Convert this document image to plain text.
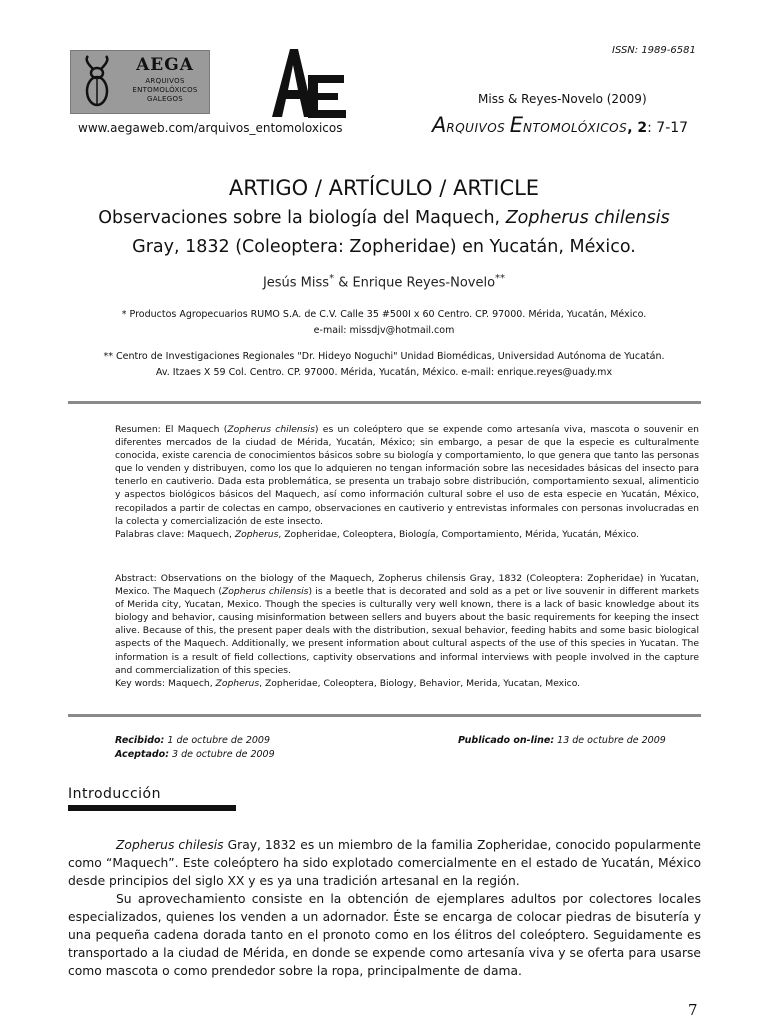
AEGA
ARQUIVOS
ENTOMOLÓXICOS
GALEGOS
www.aegaweb.com/arquivos_entomoloxicos
ISSN: 1989-6581
Miss & Reyes-Novelo (2009)
ARQUIVOS ENTOMOLÓXICOS, 2: 7-17
ARTIGO / ARTÍCULO / ARTICLE
Observaciones sobre la biología del Maquech, Zopherus chilensis
Gray, 1832 (Coleoptera: Zopheridae) en Yucatán, México.
Jesús Miss* & Enrique Reyes-Novelo**
* Productos Agropecuarios RUMO S.A. de C.V. Calle 35 #500I x 60 Centro. CP. 97000. Mérida, Yucatán, México.
e-mail: missdjv@hotmail.com
** Centro de Investigaciones Regionales "Dr. Hideyo Noguchi" Unidad Biomédicas, Universidad Autónoma de Yucatán.
Av. Itzaes X 59 Col. Centro. CP. 97000. Mérida, Yucatán, México. e-mail: enrique.reyes@uady.mx
Resumen: El Maquech (Zopherus chilensis) es un coleóptero que se expende como artesanía viva, mascota o souvenir en diferentes mercados de la ciudad de Mérida, Yucatán, México; sin embargo, a pesar de que la especie es culturalmente conocida, existe carencia de conocimientos básicos sobre su biología y comportamiento, lo que genera que tanto las personas que lo venden y distribuyen, como los que lo adquieren no tengan información sobre las necesidades básicas del insecto para tenerlo en cautiverio. Dada esta problemática, se presenta un trabajo sobre distribución, comportamiento sexual, alimenticio y aspectos biológicos básicos del Maquech, así como información cultural sobre el uso de esta especie en Yucatán, México, recopilados a partir de colectas en campo, observaciones en cautiverio y entrevistas informales con personas involucradas en la colecta y comercialización de este insecto.
Palabras clave: Maquech, Zopherus, Zopheridae, Coleoptera, Biología, Comportamiento, Mérida, Yucatán, México.
Abstract: Observations on the biology of the Maquech, Zopherus chilensis Gray, 1832 (Coleoptera: Zopheridae) in Yucatan, Mexico. The Maquech (Zopherus chilensis) is a beetle that is decorated and sold as a pet or live souvenir in different markets of Merida city, Yucatan, Mexico. Though the species is culturally very well known, there is a lack of basic knowledge about its biology and behavior, causing misinformation between sellers and buyers about the basic requirements for keeping the insect alive. Because of this, the present paper deals with the distribution, sexual behavior, feeding habits and some basic biological aspects of the Maquech. Additionally, we present information about cultural aspects of the use of this species in Yucatan. The information is a result of field collections, captivity observations and informal interviews with people involved in the capture and commercialization of this species.
Key words: Maquech, Zopherus, Zopheridae, Coleoptera, Biology, Behavior, Merida, Yucatan, Mexico.
Recibido: 1 de octubre de 2009
Aceptado: 3 de octubre de 2009
Publicado on-line: 13 de octubre de 2009
Introducción

Zopherus chilesis Gray, 1832 es un miembro de la familia Zopheridae, conocido popularmente como “Maquech”. Este coleóptero ha sido explotado comercialmente en el estado de Yucatán, México desde principios del siglo XX y es ya una tradición artesanal en la región.

Su aprovechamiento consiste en la obtención de ejemplares adultos por colectores locales especializados, quienes los venden a un adornador. Éste se encarga de colocar piedras de bisutería y una pequeña cadena dorada tanto en el pronoto como en los élitros del coleóptero. Seguidamente es transportado a la ciudad de Mérida, en donde se expende como artesanía viva y se oferta para usarse como mascota o como prendedor sobre la ropa, principalmente de dama.

7
